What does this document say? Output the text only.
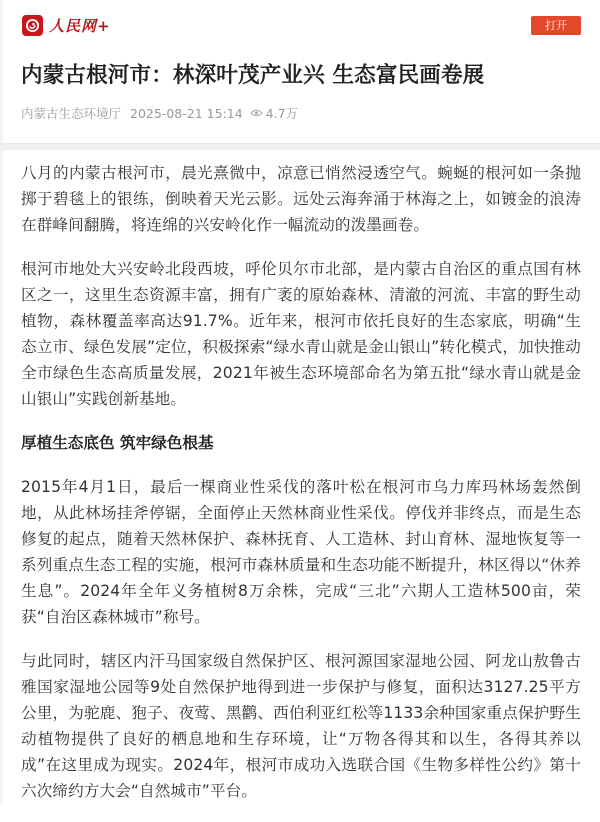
人民网+	打开
内蒙古根河市：林深叶茂产业兴 生态富民画卷展
内蒙古生态环境厅 2025-08-21 15:14 4.7万

八月的内蒙古根河市，晨光熹微中，凉意已悄然浸透空气。蜿蜒的根河如一条抛掷于碧毯上的银练，倒映着天光云影。远处云海奔涌于林海之上，如镀金的浪涛在群峰间翻腾，将连绵的兴安岭化作一幅流动的泼墨画卷。

根河市地处大兴安岭北段西坡，呼伦贝尔市北部，是内蒙古自治区的重点国有林区之一，这里生态资源丰富，拥有广袤的原始森林、清澈的河流、丰富的野生动植物，森林覆盖率高达91.7%。近年来，根河市依托良好的生态家底，明确“生态立市、绿色发展”定位，积极探索“绿水青山就是金山银山”转化模式，加快推动全市绿色生态高质量发展，2021年被生态环境部命名为第五批“绿水青山就是金山银山”实践创新基地。

厚植生态底色 筑牢绿色根基

2015年4月1日，最后一棵商业性采伐的落叶松在根河市乌力库玛林场轰然倒地，从此林场挂斧停锯，全面停止天然林商业性采伐。停伐并非终点，而是生态修复的起点，随着天然林保护、森林抚育、人工造林、封山育林、湿地恢复等一系列重点生态工程的实施，根河市森林质量和生态功能不断提升，林区得以“休养生息”。2024年全年义务植树8万余株，完成“三北”六期人工造林500亩，荣获“自治区森林城市”称号。

与此同时，辖区内汗马国家级自然保护区、根河源国家湿地公园、阿龙山敖鲁古雅国家湿地公园等9处自然保护地得到进一步保护与修复，面积达3127.25平方公里，为驼鹿、狍子、夜莺、黑鹳、西伯利亚红松等1133余种国家重点保护野生动植物提供了良好的栖息地和生存环境，让“万物各得其和以生，各得其养以成”在这里成为现实。2024年，根河市成功入选联合国《生物多样性公约》第十六次缔约方大会“自然城市”平台。
